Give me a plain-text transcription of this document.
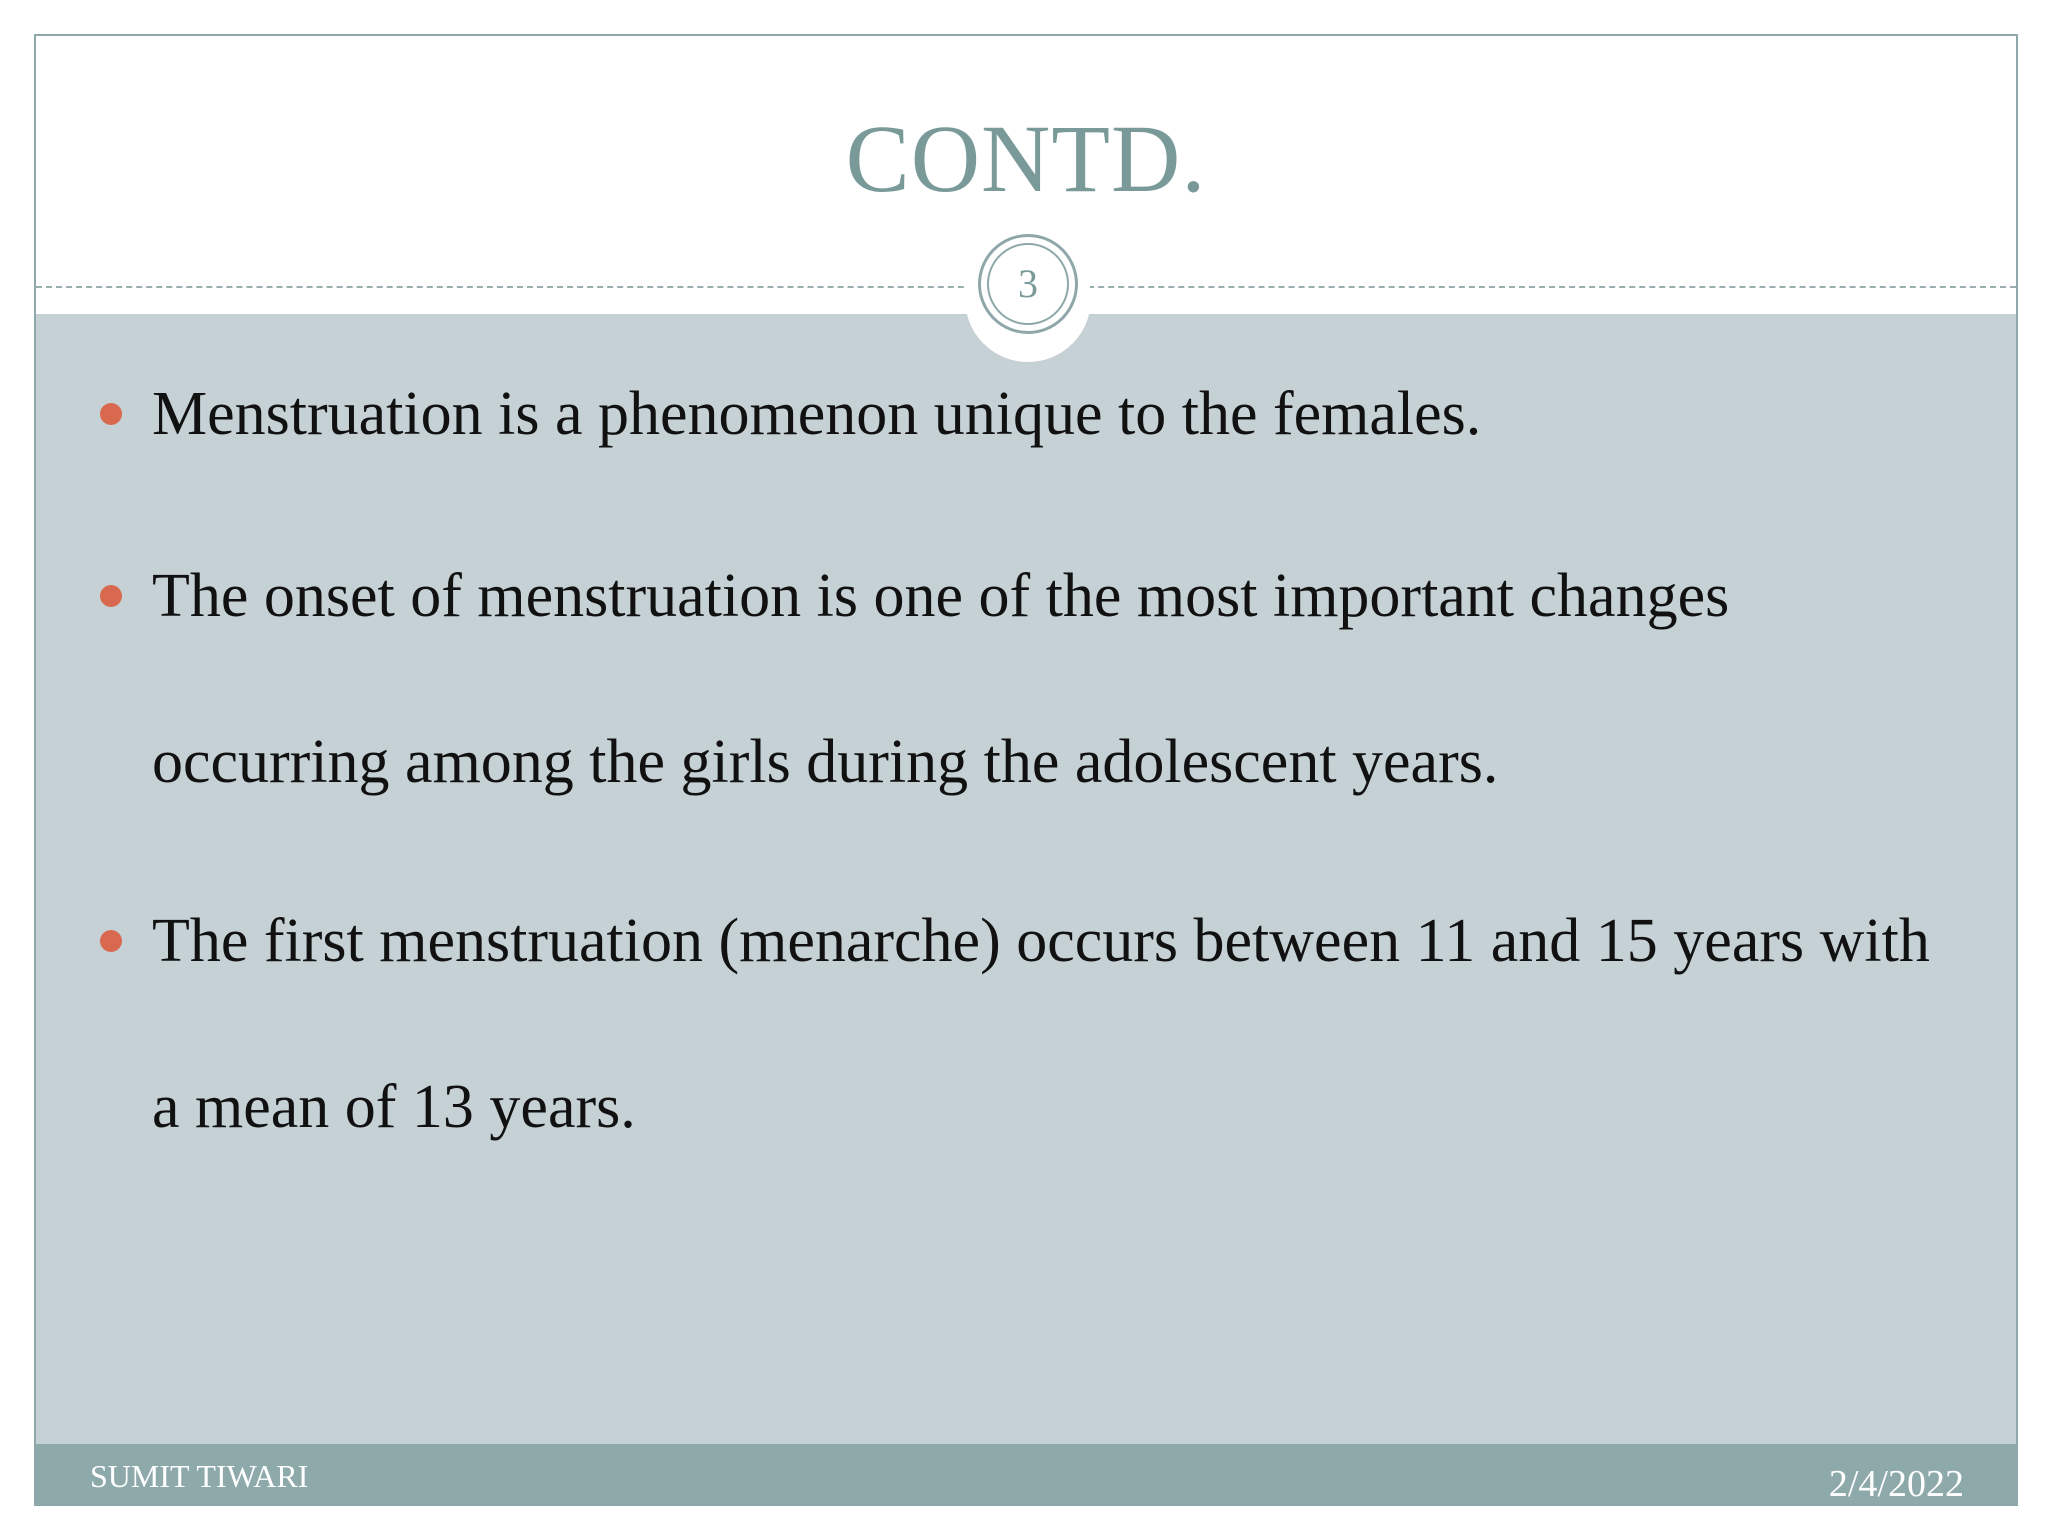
CONTD.
3
Menstruation is a phenomenon unique to the females.
The onset of menstruation is one of the most important changes occurring among the girls during the adolescent years.
The first menstruation (menarche) occurs between 11 and 15 years with a mean of 13 years.
SUMIT TIWARI	2/4/2022
